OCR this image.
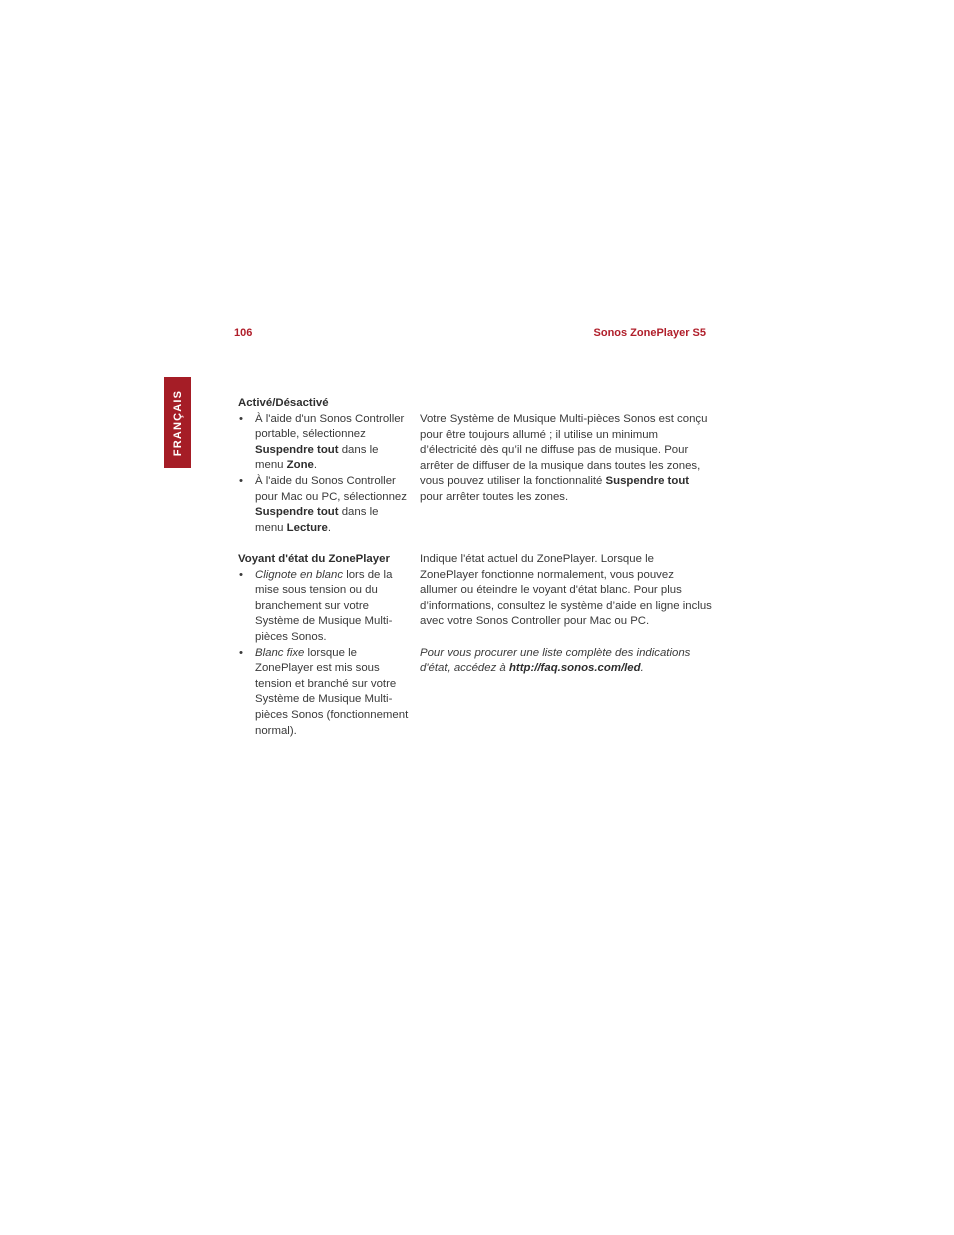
106	Sonos ZonePlayer S5
FRANÇAIS	Activé/Désactivé
• À l'aide d'un Sonos Controller portable, sélectionnez Suspendre tout dans le menu Zone.
• À l'aide du Sonos Controller pour Mac ou PC, sélectionnez Suspendre tout dans le menu Lecture.

Votre Système de Musique Multi-pièces Sonos est conçu pour être toujours allumé ; il utilise un minimum d’électricité dès qu’il ne diffuse pas de musique. Pour arrêter de diffuser de la musique dans toutes les zones, vous pouvez utiliser la fonctionnalité Suspendre tout pour arrêter toutes les zones.

Voyant d'état du ZonePlayer
• Clignote en blanc lors de la mise sous tension ou du branchement sur votre Système de Musique Multi-pièces Sonos.
• Blanc fixe lorsque le ZonePlayer est mis sous tension et branché sur votre Système de Musique Multi-pièces Sonos (fonctionnement normal).

Indique l'état actuel du ZonePlayer. Lorsque le ZonePlayer fonctionne normalement, vous pouvez allumer ou éteindre le voyant d'état blanc. Pour plus d’informations, consultez le système d’aide en ligne inclus avec votre Sonos Controller pour Mac ou PC.

Pour vous procurer une liste complète des indications d'état, accédez à http://faq.sonos.com/led.
